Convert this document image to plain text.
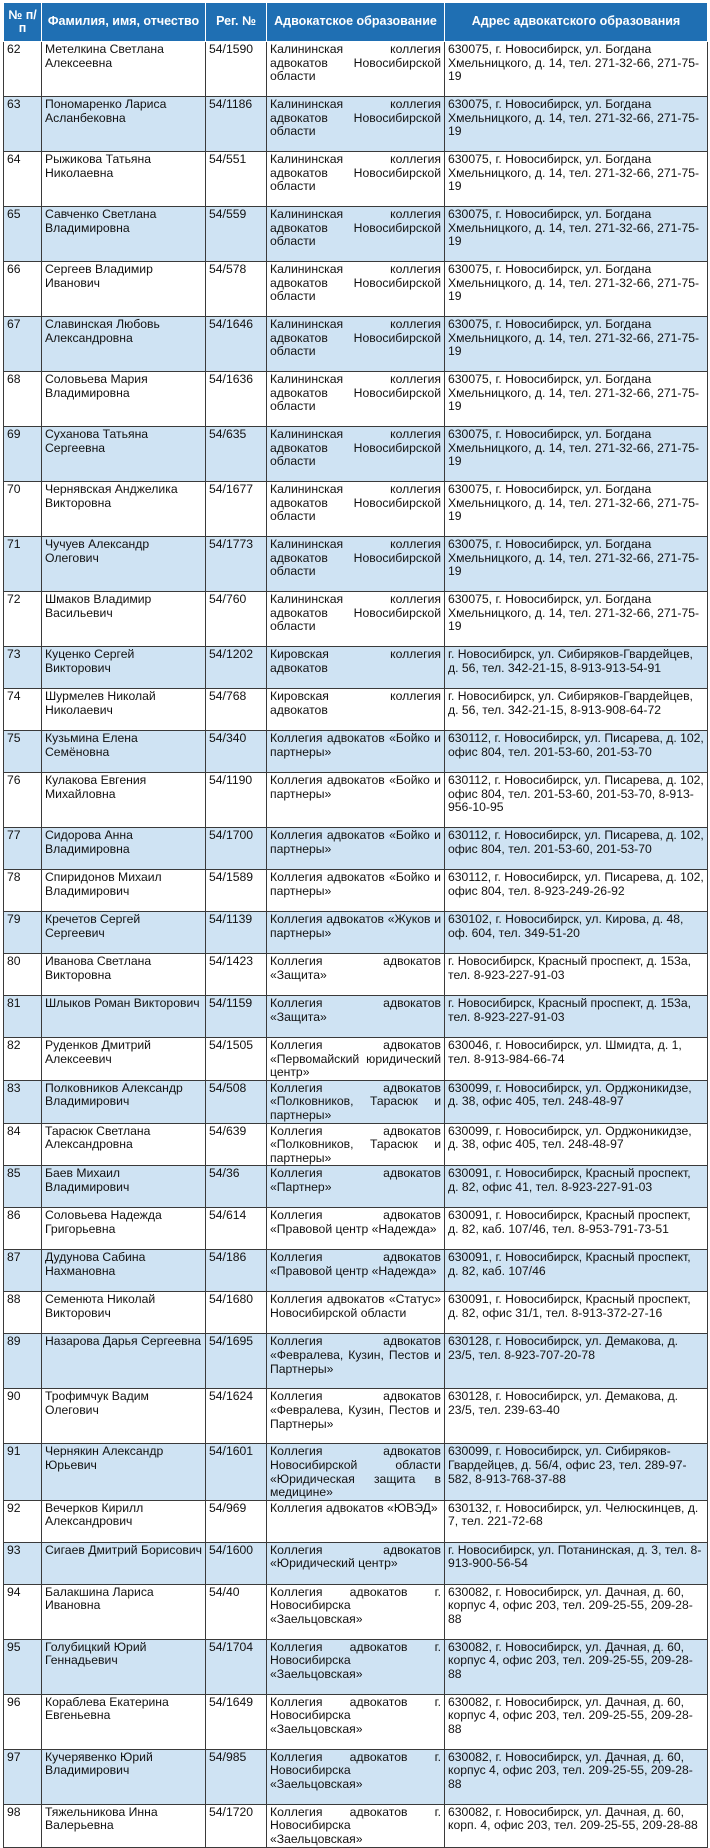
№ п/п	Фамилия, имя, отчество	Рег. №	Адвокатское образование	Адрес адвокатского образования
62	Метелкина Светлана Алексеевна	54/1590	Калининская коллегия адвокатов Новосибирской области	630075, г. Новосибирск, ул. Богдана Хмельницкого, д. 14, тел. 271-32-66, 271-75-19
63	Пономаренко Лариса Асланбековна	54/1186	Калининская коллегия адвокатов Новосибирской области	630075, г. Новосибирск, ул. Богдана Хмельницкого, д. 14, тел. 271-32-66, 271-75-19
64	Рыжикова Татьяна Николаевна	54/551	Калининская коллегия адвокатов Новосибирской области	630075, г. Новосибирск, ул. Богдана Хмельницкого, д. 14, тел. 271-32-66, 271-75-19
65	Савченко Светлана Владимировна	54/559	Калининская коллегия адвокатов Новосибирской области	630075, г. Новосибирск, ул. Богдана Хмельницкого, д. 14, тел. 271-32-66, 271-75-19
66	Сергеев Владимир Иванович	54/578	Калининская коллегия адвокатов Новосибирской области	630075, г. Новосибирск, ул. Богдана Хмельницкого, д. 14, тел. 271-32-66, 271-75-19
67	Славинская Любовь Александровна	54/1646	Калининская коллегия адвокатов Новосибирской области	630075, г. Новосибирск, ул. Богдана Хмельницкого, д. 14, тел. 271-32-66, 271-75-19
68	Соловьева Мария Владимировна	54/1636	Калининская коллегия адвокатов Новосибирской области	630075, г. Новосибирск, ул. Богдана Хмельницкого, д. 14, тел. 271-32-66, 271-75-19
69	Суханова Татьяна Сергеевна	54/635	Калининская коллегия адвокатов Новосибирской области	630075, г. Новосибирск, ул. Богдана Хмельницкого, д. 14, тел. 271-32-66, 271-75-19
70	Чернявская Анджелика Викторовна	54/1677	Калининская коллегия адвокатов Новосибирской области	630075, г. Новосибирск, ул. Богдана Хмельницкого, д. 14, тел. 271-32-66, 271-75-19
71	Чучуев Александр Олегович	54/1773	Калининская коллегия адвокатов Новосибирской области	630075, г. Новосибирск, ул. Богдана Хмельницкого, д. 14, тел. 271-32-66, 271-75-19
72	Шмаков Владимир Васильевич	54/760	Калининская коллегия адвокатов Новосибирской области	630075, г. Новосибирск, ул. Богдана Хмельницкого, д. 14, тел. 271-32-66, 271-75-19
73	Куценко Сергей Викторович	54/1202	Кировская коллегия адвокатов	г. Новосибирск, ул. Сибиряков-Гвардейцев, д. 56, тел. 342-21-15, 8-913-913-54-91
74	Шурмелев Николай Николаевич	54/768	Кировская коллегия адвокатов	г. Новосибирск, ул. Сибиряков-Гвардейцев, д. 56, тел. 342-21-15, 8-913-908-64-72
75	Кузьмина Елена Семёновна	54/340	Коллегия адвокатов «Бойко и партнеры»	630112, г. Новосибирск, ул. Писарева, д. 102, офис 804, тел. 201-53-60, 201-53-70
76	Кулакова Евгения Михайловна	54/1190	Коллегия адвокатов «Бойко и партнеры»	630112, г. Новосибирск, ул. Писарева, д. 102, офис 804, тел. 201-53-60, 201-53-70, 8-913-956-10-95
77	Сидорова Анна Владимировна	54/1700	Коллегия адвокатов «Бойко и партнеры»	630112, г. Новосибирск, ул. Писарева, д. 102, офис 804, тел. 201-53-60, 201-53-70
78	Спиридонов Михаил Владимирович	54/1589	Коллегия адвокатов «Бойко и партнеры»	630112, г. Новосибирск, ул. Писарева, д. 102, офис 804, тел. 8-923-249-26-92
79	Кречетов Сергей Сергеевич	54/1139	Коллегия адвокатов «Жуков и партнеры»	630102, г. Новосибирск, ул. Кирова, д. 48, оф. 604, тел. 349-51-20
80	Иванова Светлана Викторовна	54/1423	Коллегия адвокатов «Защита»	г. Новосибирск, Красный проспект, д. 153а, тел. 8-923-227-91-03
81	Шлыков Роман Викторович	54/1159	Коллегия адвокатов «Защита»	г. Новосибирск, Красный проспект, д. 153а, тел. 8-923-227-91-03
82	Руденков Дмитрий Алексеевич	54/1505	Коллегия адвокатов «Первомайский юридический центр»	630046, г. Новосибирск, ул. Шмидта, д. 1, тел. 8-913-984-66-74
83	Полковников Александр Владимирович	54/508	Коллегия адвокатов «Полковников, Тарасюк и партнеры»	630099, г. Новосибирск, ул. Орджоникидзе, д. 38, офис 405, тел. 248-48-97
84	Тарасюк Светлана Александровна	54/639	Коллегия адвокатов «Полковников, Тарасюк и партнеры»	630099, г. Новосибирск, ул. Орджоникидзе, д. 38, офис 405, тел. 248-48-97
85	Баев Михаил Владимирович	54/36	Коллегия адвокатов «Партнер»	630091, г. Новосибирск, Красный проспект, д. 82, офис 41, тел. 8-923-227-91-03
86	Соловьева Надежда Григорьевна	54/614	Коллегия адвокатов «Правовой центр «Надежда»	630091, г. Новосибирск, Красный проспект, д. 82, каб. 107/46, тел. 8-953-791-73-51
87	Дудунова Сабина Нахмановна	54/186	Коллегия адвокатов «Правовой центр «Надежда»	630091, г. Новосибирск, Красный проспект, д. 82, каб. 107/46
88	Семенюта Николай Викторович	54/1680	Коллегия адвокатов «Статус» Новосибирской области	630091, г. Новосибирск, Красный проспект, д. 82, офис 31/1, тел. 8-913-372-27-16
89	Назарова Дарья Сергеевна	54/1695	Коллегия адвокатов «Февралева, Кузин, Пестов и Партнеры»	630128, г. Новосибирск, ул. Демакова, д. 23/5, тел. 8-923-707-20-78
90	Трофимчук Вадим Олегович	54/1624	Коллегия адвокатов «Февралева, Кузин, Пестов и Партнеры»	630128, г. Новосибирск, ул. Демакова, д. 23/5, тел. 239-63-40
91	Чернякин Александр Юрьевич	54/1601	Коллегия адвокатов Новосибирской области «Юридическая защита в медицине»	630099, г. Новосибирск, ул. Сибиряков-Гвардейцев, д. 56/4, офис 23, тел. 289-97-582, 8-913-768-37-88
92	Вечерков Кирилл Александрович	54/969	Коллегия адвокатов «ЮВЭД»	630132, г. Новосибирск, ул. Челюскинцев, д. 7, тел. 221-72-68
93	Сигаев Дмитрий Борисович	54/1600	Коллегия адвокатов «Юридический центр»	г. Новосибирск, ул. Потанинская, д. 3, тел. 8-913-900-56-54
94	Балакшина Лариса Ивановна	54/40	Коллегия адвокатов г. Новосибирска «Заельцовская»	630082, г. Новосибирск, ул. Дачная, д. 60, корпус 4, офис 203, тел. 209-25-55, 209-28-88
95	Голубицкий Юрий Геннадьевич	54/1704	Коллегия адвокатов г. Новосибирска «Заельцовская»	630082, г. Новосибирск, ул. Дачная, д. 60, корпус 4, офис 203, тел. 209-25-55, 209-28-88
96	Кораблева Екатерина Евгеньевна	54/1649	Коллегия адвокатов г. Новосибирска «Заельцовская»	630082, г. Новосибирск, ул. Дачная, д. 60, корпус 4, офис 203, тел. 209-25-55, 209-28-88
97	Кучерявенко Юрий Владимирович	54/985	Коллегия адвокатов г. Новосибирска «Заельцовская»	630082, г. Новосибирск, ул. Дачная, д. 60, корпус 4, офис 203, тел. 209-25-55, 209-28-88
98	Тяжельникова Инна Валерьевна	54/1720	Коллегия адвокатов г. Новосибирска «Заельцовская»	630082, г. Новосибирск, ул. Дачная, д. 60, корп. 4, офис 203, тел. 209-25-55, 209-28-88
